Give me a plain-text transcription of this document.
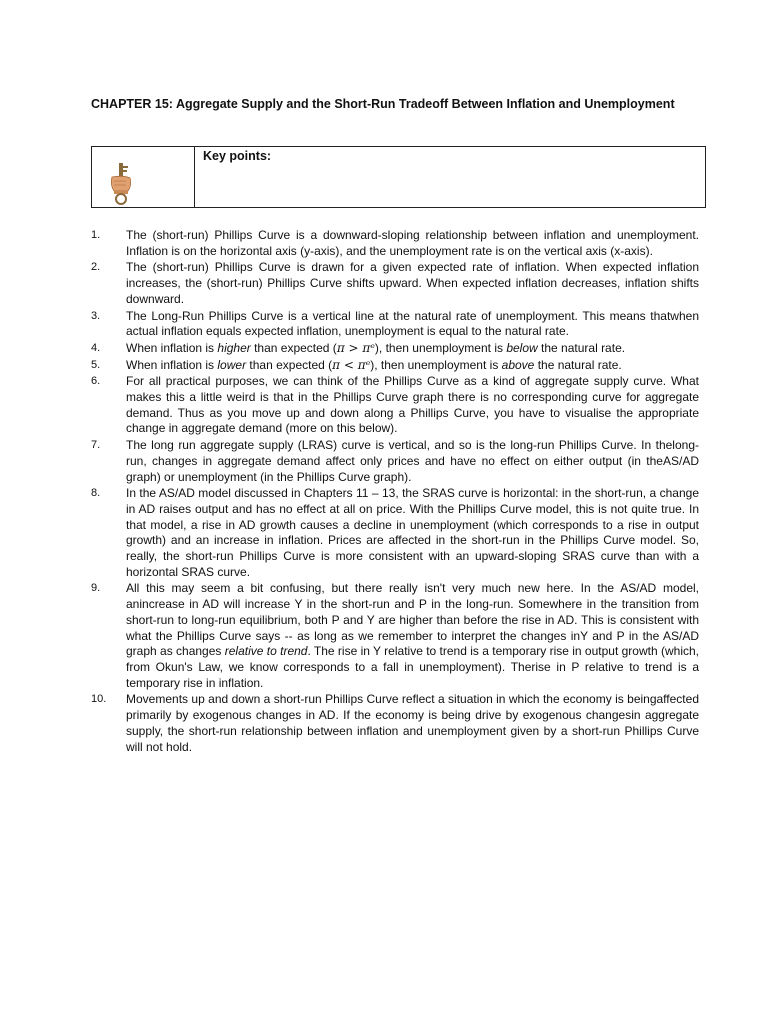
CHAPTER 15: Aggregate Supply and the Short-Run Tradeoff Between Inflation and Unemployment
Key points:
1. The (short-run) Phillips Curve is a downward-sloping relationship between inflation and unemployment. Inflation is on the horizontal axis (y-axis), and the unemployment rate is on the vertical axis (x-axis).
2. The (short-run) Phillips Curve is drawn for a given expected rate of inflation. When expected inflation increases, the (short-run) Phillips Curve shifts upward. When expected inflation decreases, inflation shifts downward.
3. The Long-Run Phillips Curve is a vertical line at the natural rate of unemployment. This means thatwhen actual inflation equals expected inflation, unemployment is equal to the natural rate.
4. When inflation is higher than expected (π > πᵉ), then unemployment is below the natural rate.
5. When inflation is lower than expected (π < πᵉ), then unemployment is above the natural rate.
6. For all practical purposes, we can think of the Phillips Curve as a kind of aggregate supply curve. What makes this a little weird is that in the Phillips Curve graph there is no corresponding curve for aggregate demand. Thus as you move up and down along a Phillips Curve, you have to visualise the appropriate change in aggregate demand (more on this below).
7. The long run aggregate supply (LRAS) curve is vertical, and so is the long-run Phillips Curve. In thelong-run, changes in aggregate demand affect only prices and have no effect on either output (in theAS/AD graph) or unemployment (in the Phillips Curve graph).
8. In the AS/AD model discussed in Chapters 11 – 13, the SRAS curve is horizontal: in the short-run, a change in AD raises output and has no effect at all on price. With the Phillips Curve model, this is not quite true. In that model, a rise in AD growth causes a decline in unemployment (which corresponds to a rise in output growth) and an increase in inflation. Prices are affected in the short-run in the Phillips Curve model. So, really, the short-run Phillips Curve is more consistent with an upward-sloping SRAS curve than with a horizontal SRAS curve.
9. All this may seem a bit confusing, but there really isn't very much new here. In the AS/AD model, anincrease in AD will increase Y in the short-run and P in the long-run. Somewhere in the transition from short-run to long-run equilibrium, both P and Y are higher than before the rise in AD. This is consistent with what the Phillips Curve says -- as long as we remember to interpret the changes inY and P in the AS/AD graph as changes relative to trend. The rise in Y relative to trend is a temporary rise in output growth (which, from Okun's Law, we know corresponds to a fall in unemployment). Therise in P relative to trend is a temporary rise in inflation.
10. Movements up and down a short-run Phillips Curve reflect a situation in which the economy is beingaffected primarily by exogenous changes in AD. If the economy is being drive by exogenous changesin aggregate supply, the short-run relationship between inflation and unemployment given by a short-run Phillips Curve will not hold.
